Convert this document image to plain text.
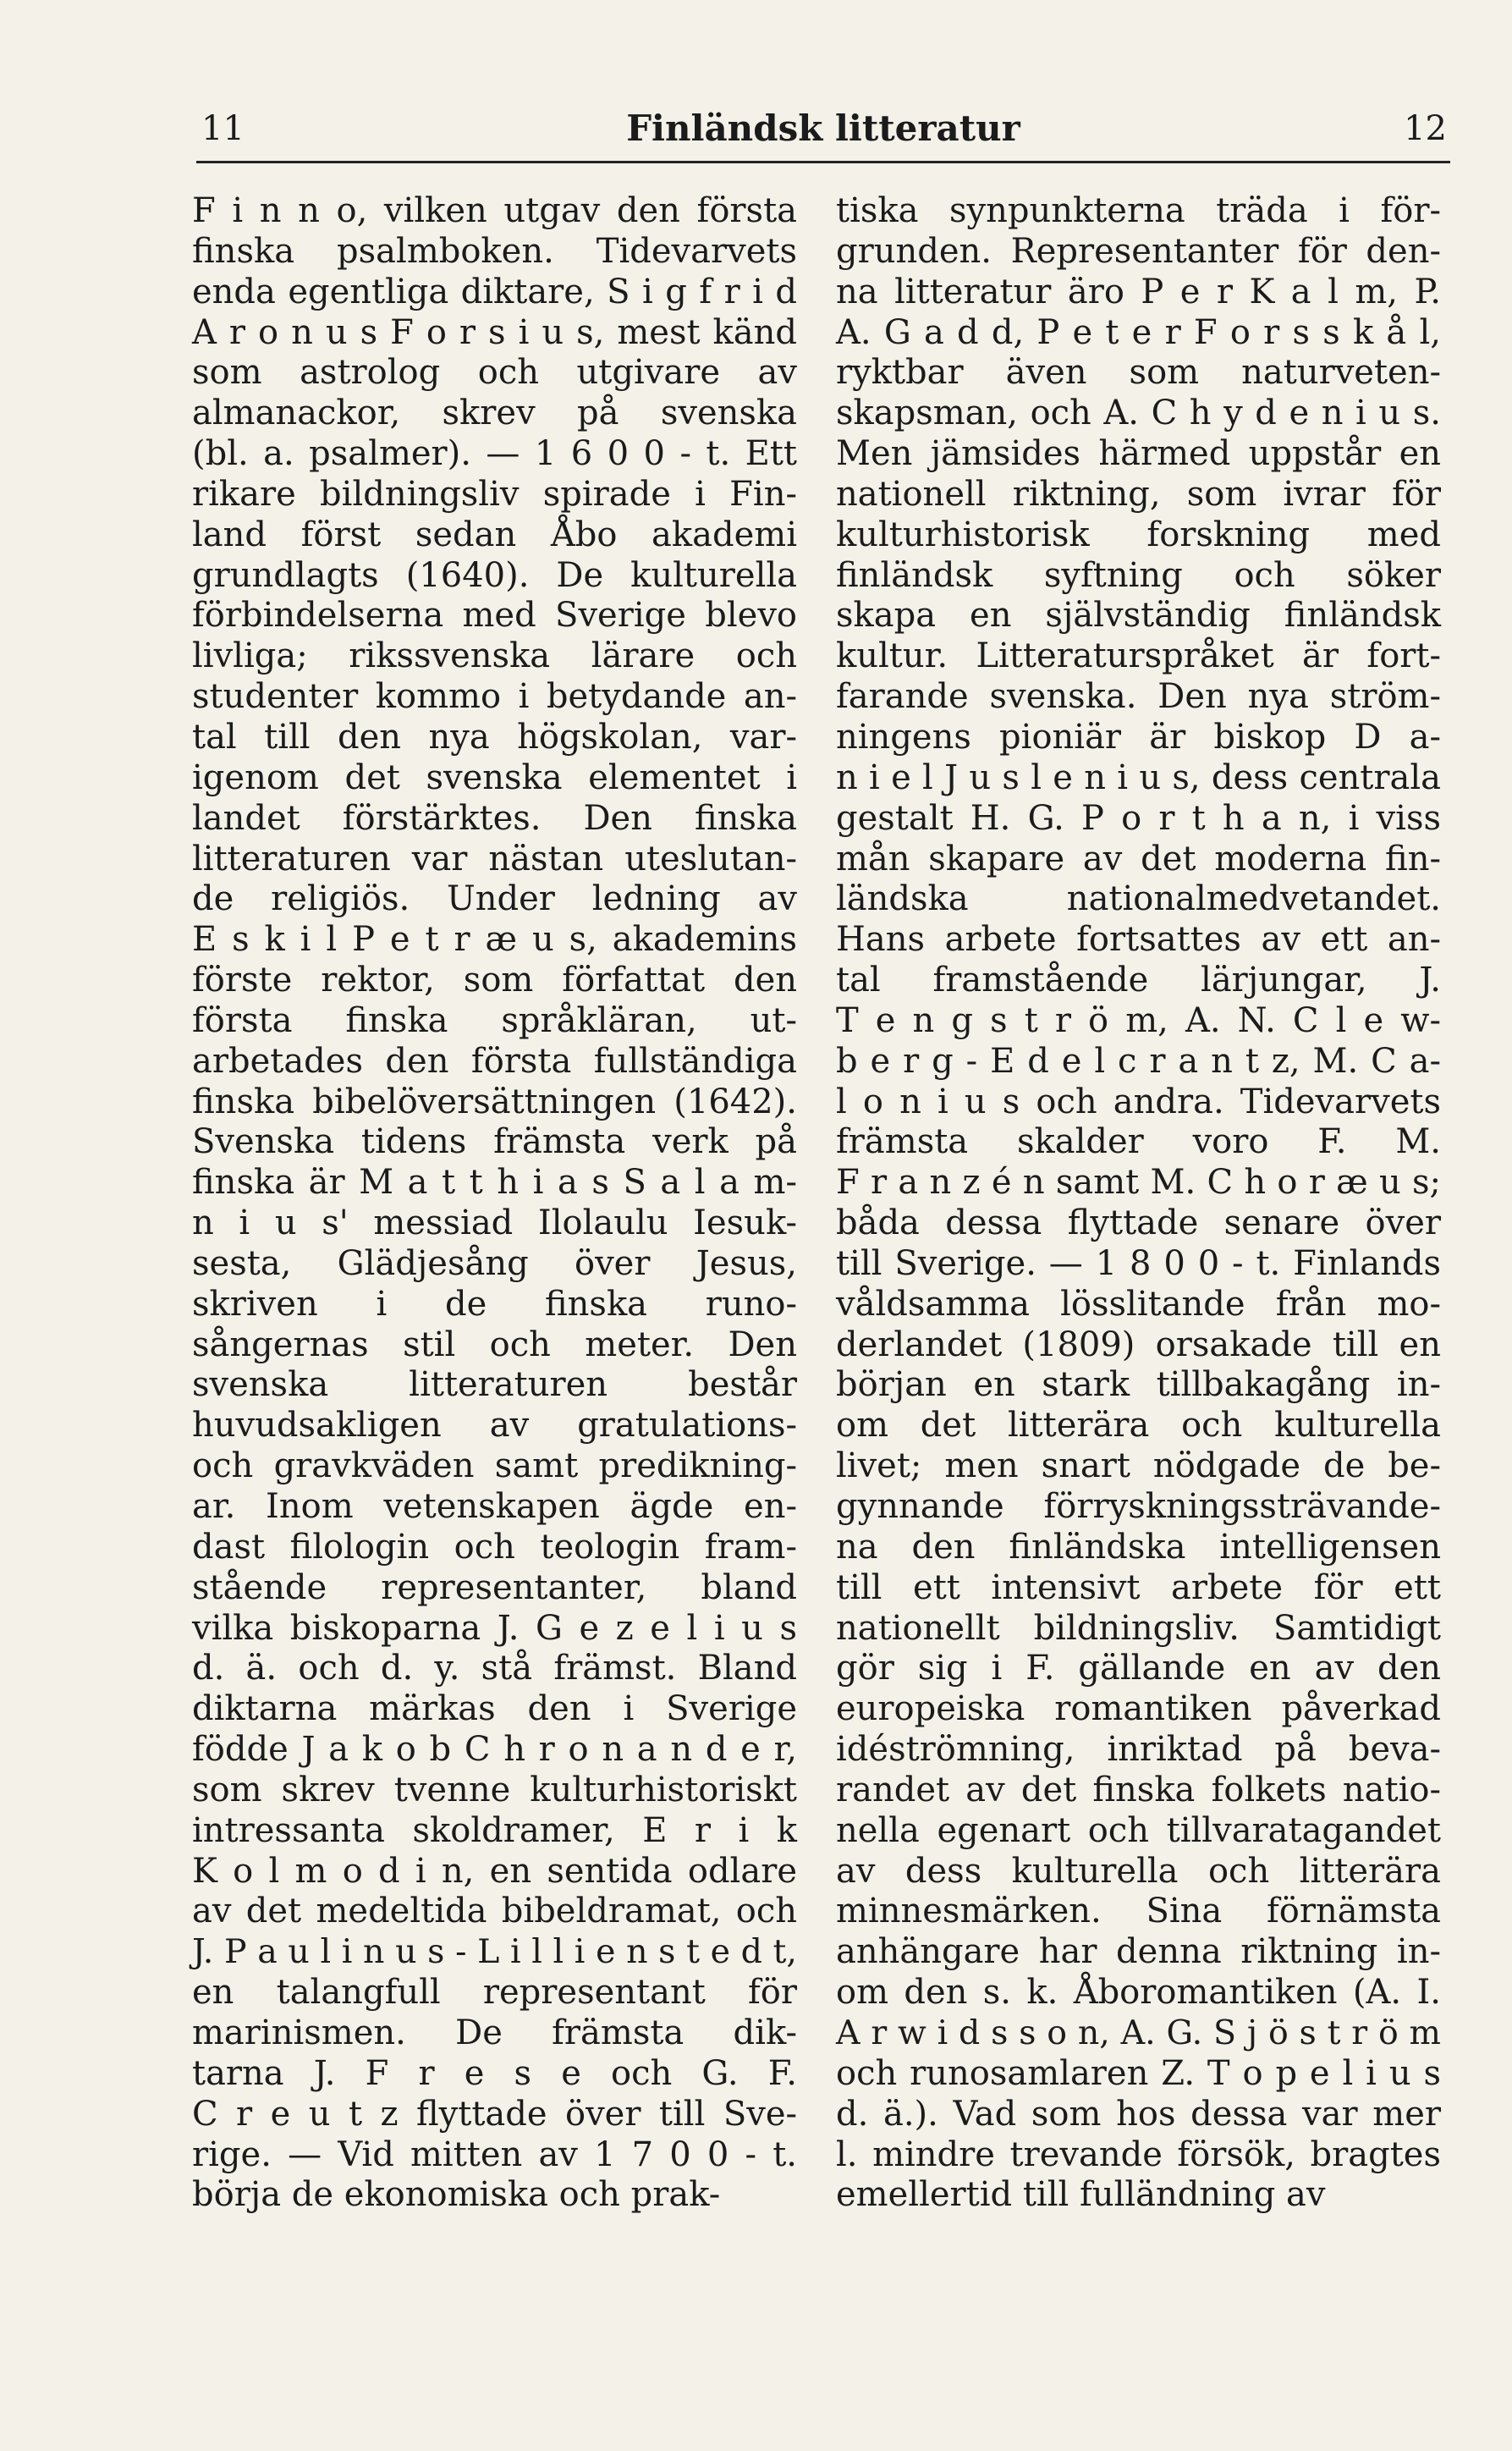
11	Finländsk litteratur	12
F i n n o, vilken utgav den första
finska psalmboken. Tidevarvets
enda egentliga diktare, S i g f r i d
A r o n u s F o r s i u s, mest känd
som astrolog och utgivare av
almanackor, skrev på svenska
(bl. a. psalmer). — 1 6 0 0 - t. Ett
rikare bildningsliv spirade i Fin-
land först sedan Åbo akademi
grundlagts (1640). De kulturella
förbindelserna med Sverige blevo
livliga; rikssvenska lärare och
studenter kommo i betydande an-
tal till den nya högskolan, var-
igenom det svenska elementet i
landet förstärktes. Den finska
litteraturen var nästan uteslutan-
de religiös. Under ledning av
E s k i l P e t r æ u s, akademins
förste rektor, som författat den
första finska språkläran, ut-
arbetades den första fullständiga
finska bibelöversättningen (1642).
Svenska tidens främsta verk på
finska är M a t t h i a s S a l a m-
n i u s' messiad Ilolaulu Iesuk-
sesta, Glädjesång över Jesus,
skriven i de finska runo-
sångernas stil och meter. Den
svenska litteraturen består
huvudsakligen av gratulations-
och gravkväden samt predikning-
ar. Inom vetenskapen ägde en-
dast filologin och teologin fram-
stående representanter, bland
vilka biskoparna J. G e z e l i u s
d. ä. och d. y. stå främst. Bland
diktarna märkas den i Sverige
födde J a k o b C h r o n a n d e r,
som skrev tvenne kulturhistoriskt
intressanta skoldramer, E r i k
K o l m o d i n, en sentida odlare
av det medeltida bibeldramat, och
J. P a u l i n u s - L i l l i e n s t e d t,
en talangfull representant för
marinismen. De främsta dik-
tarna J. F r e s e och G. F.
C r e u t z flyttade över till Sve-
rige. — Vid mitten av 1 7 0 0 - t.
börja de ekonomiska och prak-
tiska synpunkterna träda i för-
grunden. Representanter för den-
na litteratur äro P e r K a l m, P.
A. G a d d, P e t e r F o r s s k å l,
ryktbar även som naturveten-
skapsman, och A. C h y d e n i u s.
Men jämsides härmed uppstår en
nationell riktning, som ivrar för
kulturhistorisk forskning med
finländsk syftning och söker
skapa en självständig finländsk
kultur. Litteraturspråket är fort-
farande svenska. Den nya ström-
ningens pioniär är biskop D a-
n i e l J u s l e n i u s, dess centrala
gestalt H. G. P o r t h a n, i viss
mån skapare av det moderna fin-
ländska nationalmedvetandet.
Hans arbete fortsattes av ett an-
tal framstående lärjungar, J.
T e n g s t r ö m, A. N. C l e w-
b e r g - E d e l c r a n t z, M. C a-
l o n i u s och andra. Tidevarvets
främsta skalder voro F. M.
F r a n z é n samt M. C h o r æ u s;
båda dessa flyttade senare över
till Sverige. — 1 8 0 0 - t. Finlands
våldsamma lösslitande från mo-
derlandet (1809) orsakade till en
början en stark tillbakagång in-
om det litterära och kulturella
livet; men snart nödgade de be-
gynnande förryskningssträvande-
na den finländska intelligensen
till ett intensivt arbete för ett
nationellt bildningsliv. Samtidigt
gör sig i F. gällande en av den
europeiska romantiken påverkad
idéströmning, inriktad på beva-
randet av det finska folkets natio-
nella egenart och tillvaratagandet
av dess kulturella och litterära
minnesmärken. Sina förnämsta
anhängare har denna riktning in-
om den s. k. Åboromantiken (A. I.
A r w i d s s o n, A. G. S j ö s t r ö m
och runosamlaren Z. T o p e l i u s
d. ä.). Vad som hos dessa var mer
l. mindre trevande försök, bragtes
emellertid till fulländning av
